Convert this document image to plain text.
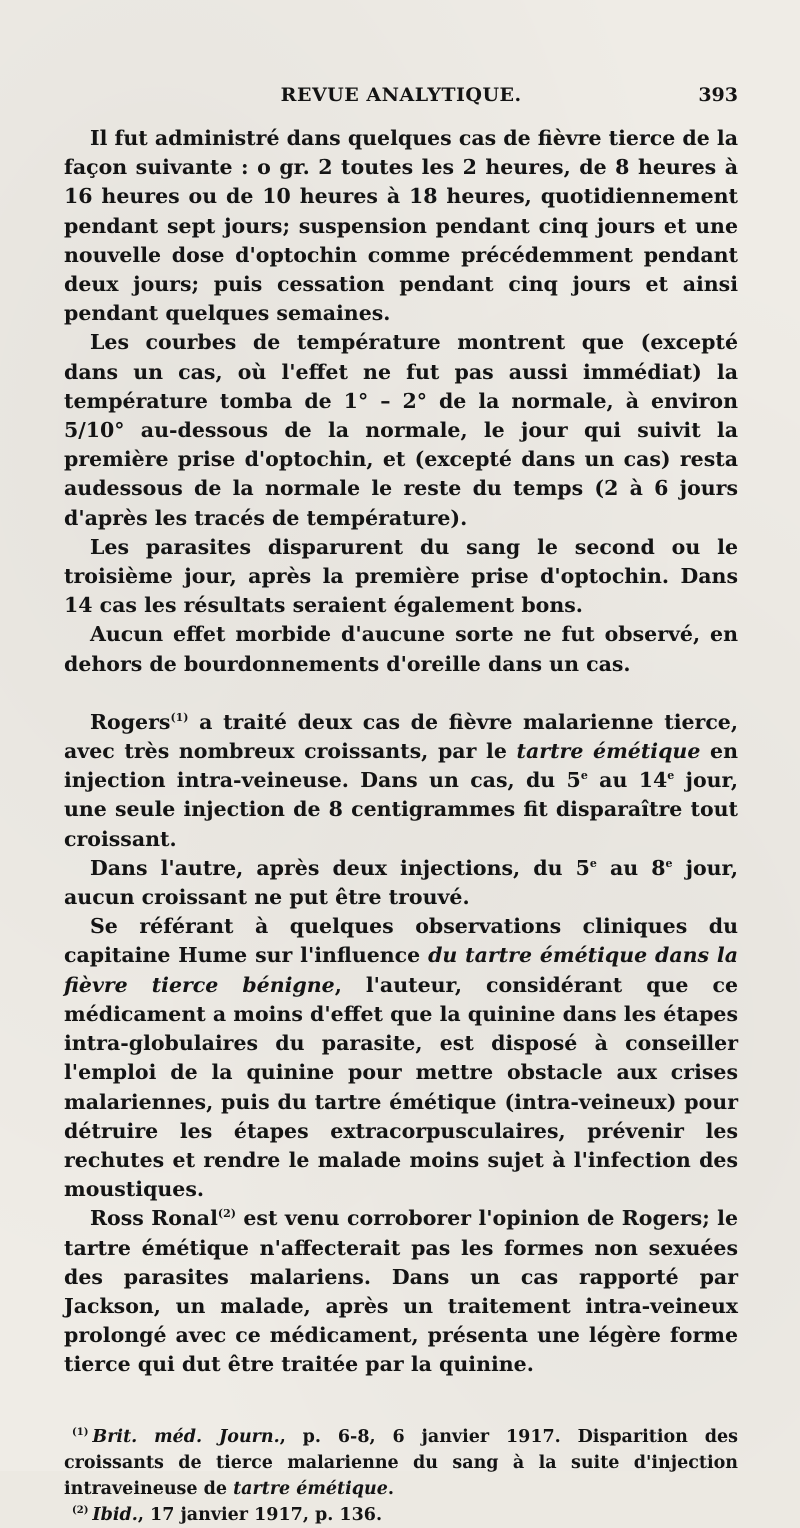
REVUE ANALYTIQUE.	393

Il fut administré dans quelques cas de fièvre tierce de la façon suivante : o gr. 2 toutes les 2 heures, de 8 heures à 16 heures ou de 10 heures à 18 heures, quotidiennement pendant sept jours; suspension pendant cinq jours et une nouvelle dose d'optochin comme précédemment pendant deux jours; puis cessation pendant cinq jours et ainsi pendant quelques semaines.

Les courbes de température montrent que (excepté dans un cas, où l'effet ne fut pas aussi immédiat) la température tomba de 1° – 2° de la normale, à environ 5/10° au-dessous de la normale, le jour qui suivit la première prise d'optochin, et (excepté dans un cas) resta audessous de la normale le reste du temps (2 à 6 jours d'après les tracés de température).

Les parasites disparurent du sang le second ou le troisième jour, après la première prise d'optochin. Dans 14 cas les résultats seraient également bons.

Aucun effet morbide d'aucune sorte ne fut observé, en dehors de bourdonnements d'oreille dans un cas.

Rogers$^{(1)}$ a traité deux cas de fièvre malarienne tierce, avec très nombreux croissants, par le tartre émétique en injection intra-veineuse. Dans un cas, du 5e au 14e jour, une seule injection de 8 centigrammes fit disparaître tout croissant.

Dans l'autre, après deux injections, du 5e au 8e jour, aucun croissant ne put être trouvé.

Se référant à quelques observations cliniques du capitaine Hume sur l'influence du tartre émétique dans la fièvre tierce bénigne, l'auteur, considérant que ce médicament a moins d'effet que la quinine dans les étapes intra-globulaires du parasite, est disposé à conseiller l'emploi de la quinine pour mettre obstacle aux crises malariennes, puis du tartre émétique (intra-veineux) pour détruire les étapes extracorpusculaires, prévenir les rechutes et rendre le malade moins sujet à l'infection des moustiques.

Ross Ronal$^{(2)}$ est venu corroborer l'opinion de Rogers; le tartre émétique n'affecterait pas les formes non sexuées des parasites malariens. Dans un cas rapporté par Jackson, un malade, après un traitement intra-veineux prolongé avec ce médicament, présenta une légère forme tierce qui dut être traitée par la quinine.

$^{(1)}$ Brit. méd. Journ., p. 6-8, 6 janvier 1917. Disparition des croissants de tierce malarienne du sang à la suite d'injection intraveineuse de tartre émétique.

$^{(2)}$ Ibid., 17 janvier 1917, p. 136.
